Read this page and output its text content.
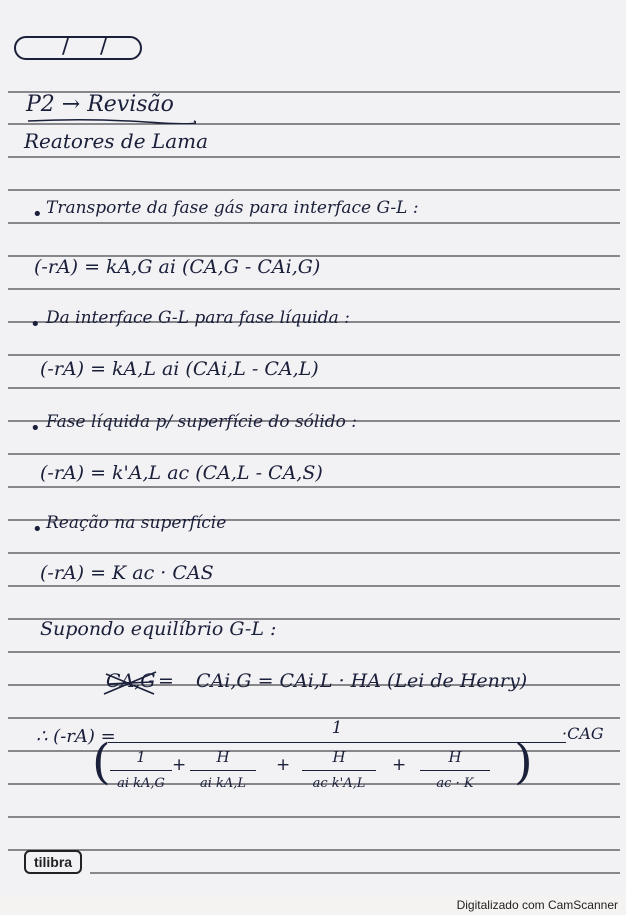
/ /

P2 → Revisão

Reatores de Lama

• Transporte da fase gás para interface G-L :

(-rA) = kA,G ai (CA,G - CAi,G)

• Da interface G-L para fase líquida :

(-rA) = kA,L ai (CAi,L - CA,L)

• Fase líquida p/ superfície do sólido :

(-rA) = k'A,L ac (CA,L - CA,S)

• Reação na superfície

(-rA) = K ac · CAS

Supondo equilíbrio G-L :

CA,G = CAi,G = CAi,L · HA (Lei de Henry)

∴ (-rA) =	1	·CAG

(	1
ai kA,G
+	H
ai kA,L
+	H
ac k'A,L
+	H
ac · K )
tilibra
Digitalizado com CamScanner
